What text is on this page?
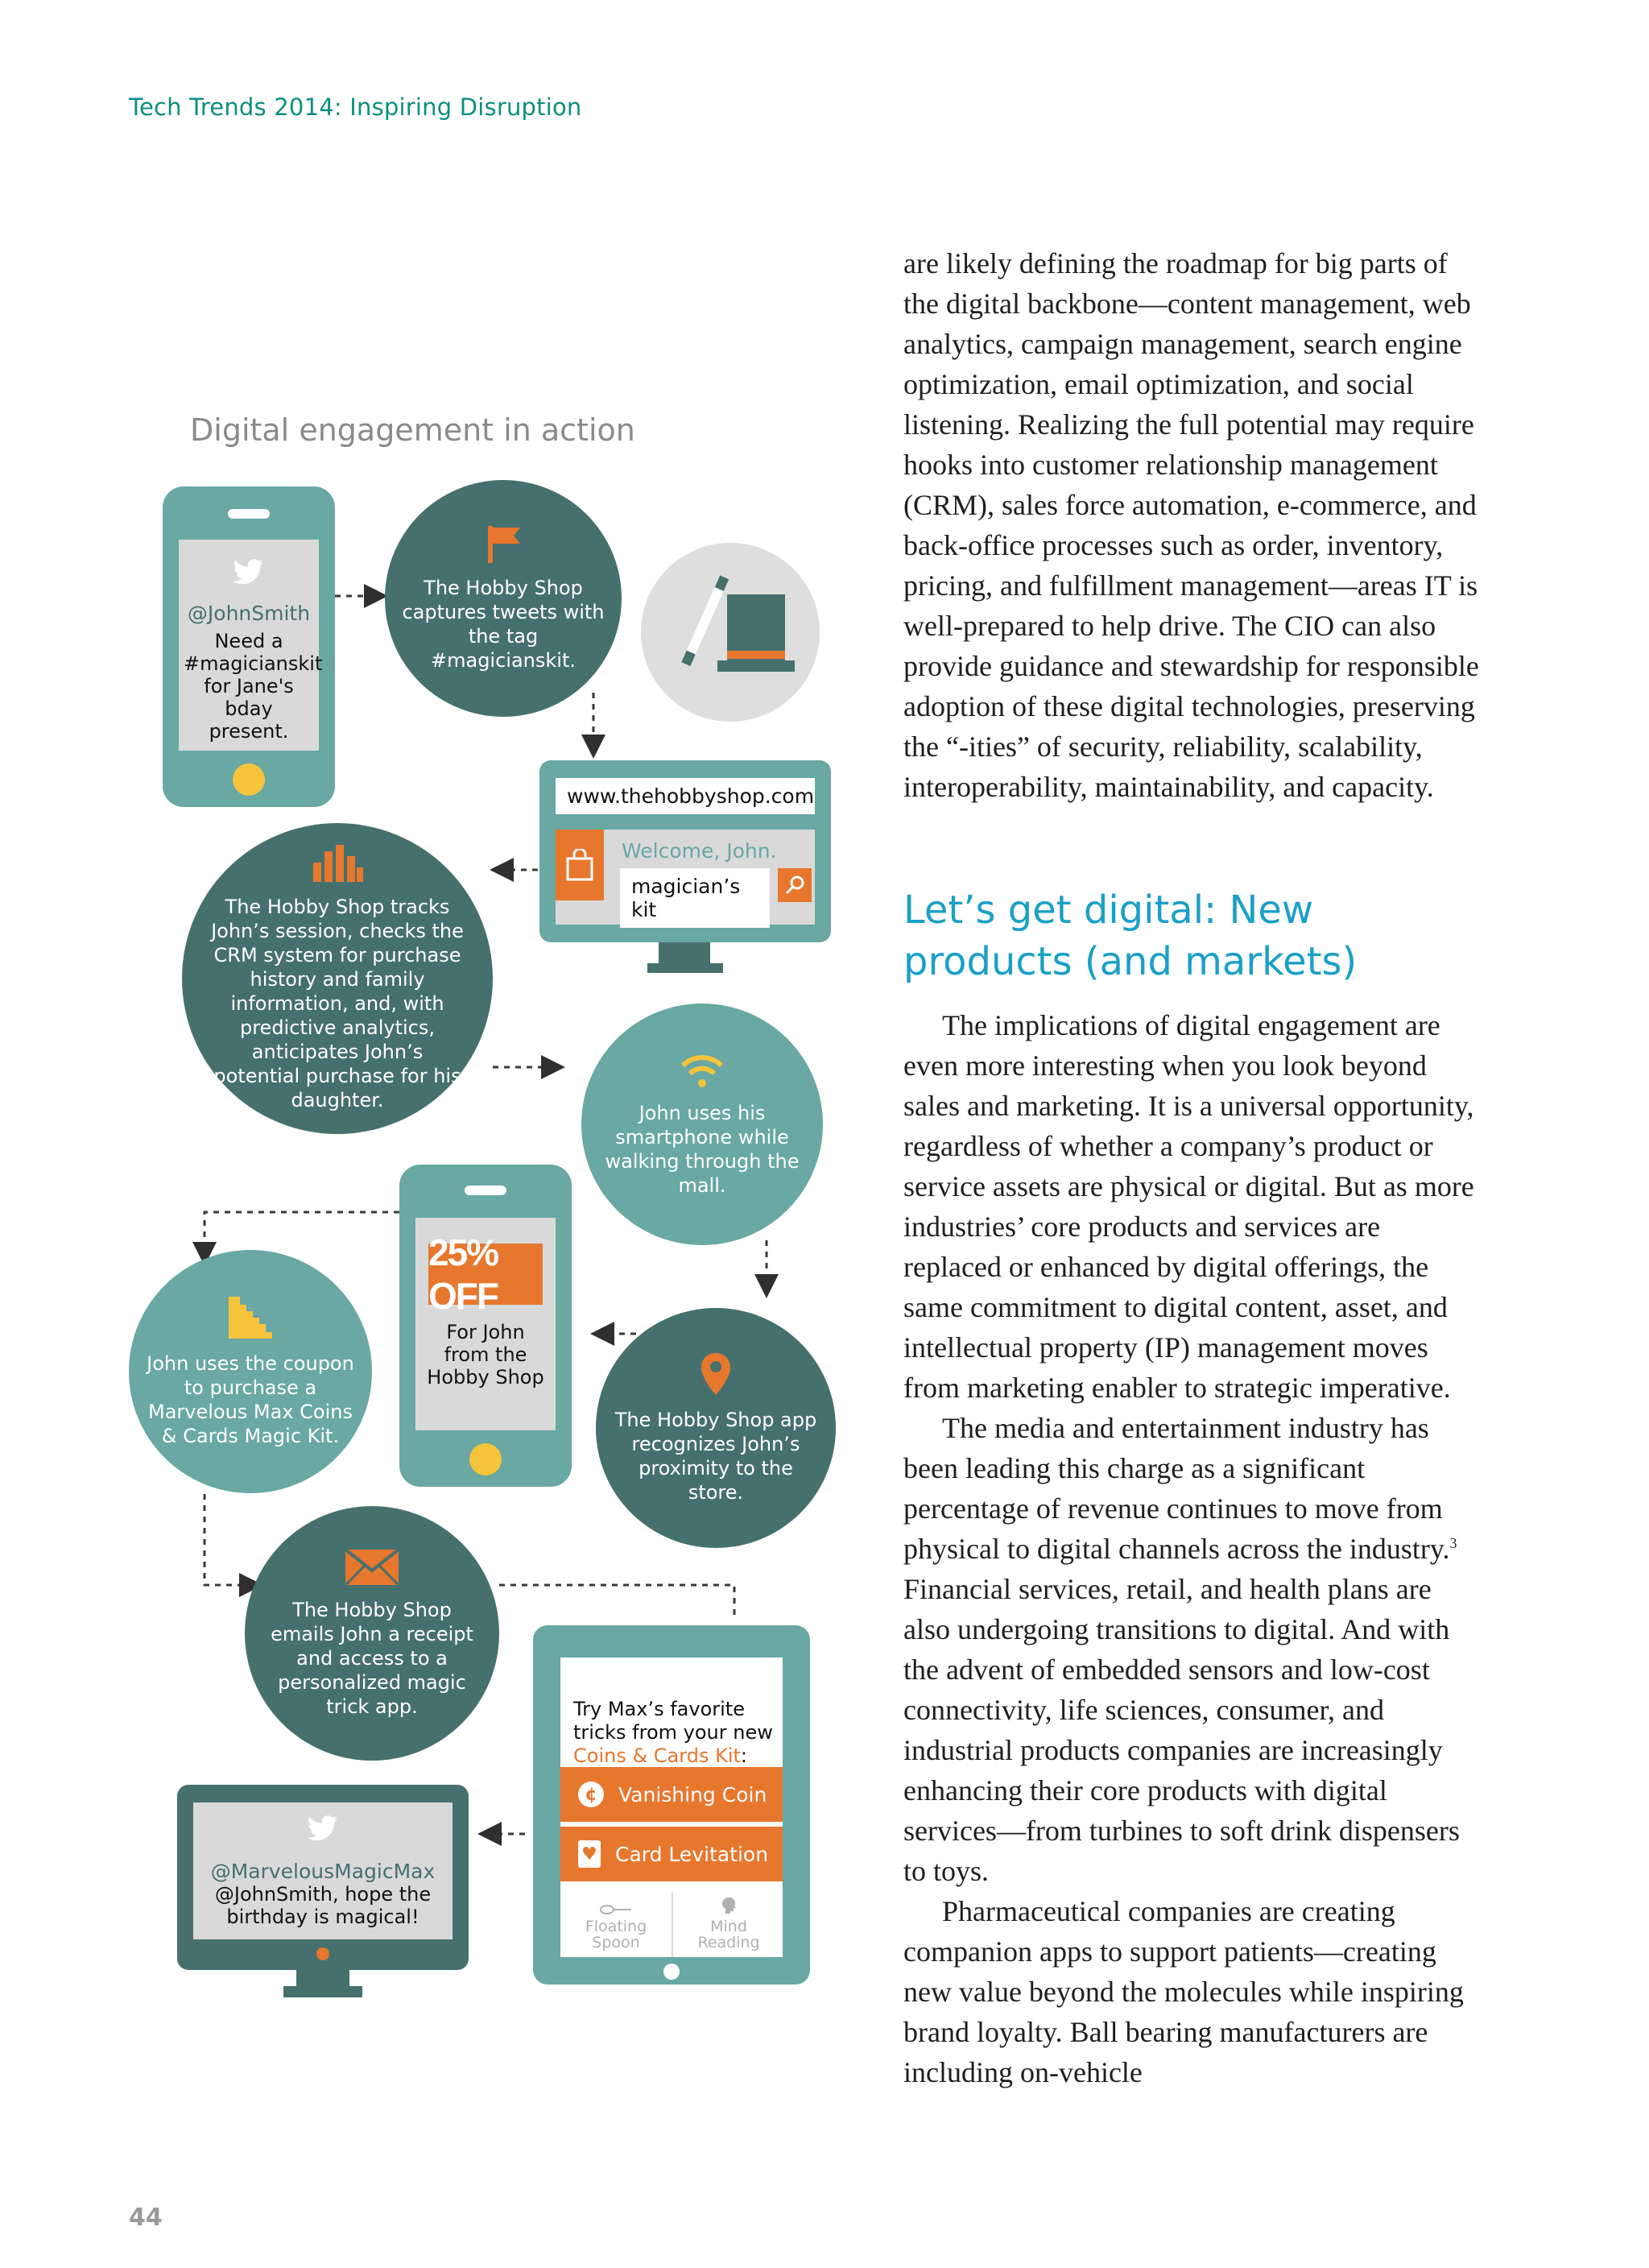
Tech Trends 2014: Inspiring Disruption

are likely defining the roadmap for big parts of the digital backbone—content management, web analytics, campaign management, search engine optimization, email optimization, and social listening. Realizing the full potential may require hooks into customer relationship management (CRM), sales force automation, e-commerce, and back-office processes such as order, inventory, pricing, and fulfillment management—areas IT is well-prepared to help drive. The CIO can also provide guidance and stewardship for responsible adoption of these digital technologies, preserving the “-ities” of security, reliability, scalability, interoperability, maintainability, and capacity.

Let’s get digital: New products (and markets)

The implications of digital engagement are even more interesting when you look beyond sales and marketing. It is a universal opportunity, regardless of whether a company’s product or service assets are physical or digital. But as more industries’ core products and services are replaced or enhanced by digital offerings, the same commitment to digital content, asset, and intellectual property (IP) management moves from marketing enabler to strategic imperative.

The media and entertainment industry has been leading this charge as a significant percentage of revenue continues to move from physical to digital channels across the industry.$^3$ Financial services, retail, and health plans are also undergoing transitions to digital. And with the advent of embedded sensors and low-cost connectivity, life sciences, consumer, and industrial products companies are increasingly enhancing their core products with digital services—from turbines to soft drink dispensers to toys.

Pharmaceutical companies are creating companion apps to support patients—creating new value beyond the molecules while inspiring brand loyalty. Ball bearing manufacturers are including on-vehicle

44
Digital engagement in action
@JohnSmith
Need a #magicianskit for Jane's bday present.
The Hobby Shop captures tweets with the tag #magicianskit.
www.thehobbyshop.com
Welcome, John.
magician’s kit
The Hobby Shop tracks John’s session, checks the CRM system for purchase history and family information, and, with predictive analytics, anticipates John’s potential purchase for his daughter.
John uses his smartphone while walking through the mall.
25% OFF
For John from the Hobby Shop
John uses the coupon to purchase a Marvelous Max Coins & Cards Magic Kit.
The Hobby Shop app recognizes John’s proximity to the store.
The Hobby Shop emails John a receipt and access to a personalized magic trick app.	Try Max’s favorite tricks from your new Coins & Cards Kit:
¢	Vanishing Coin
♥ Card Levitation
Floating Spoon
Mind Reading
@MarvelousMagicMax
@JohnSmith, hope the birthday is magical!
